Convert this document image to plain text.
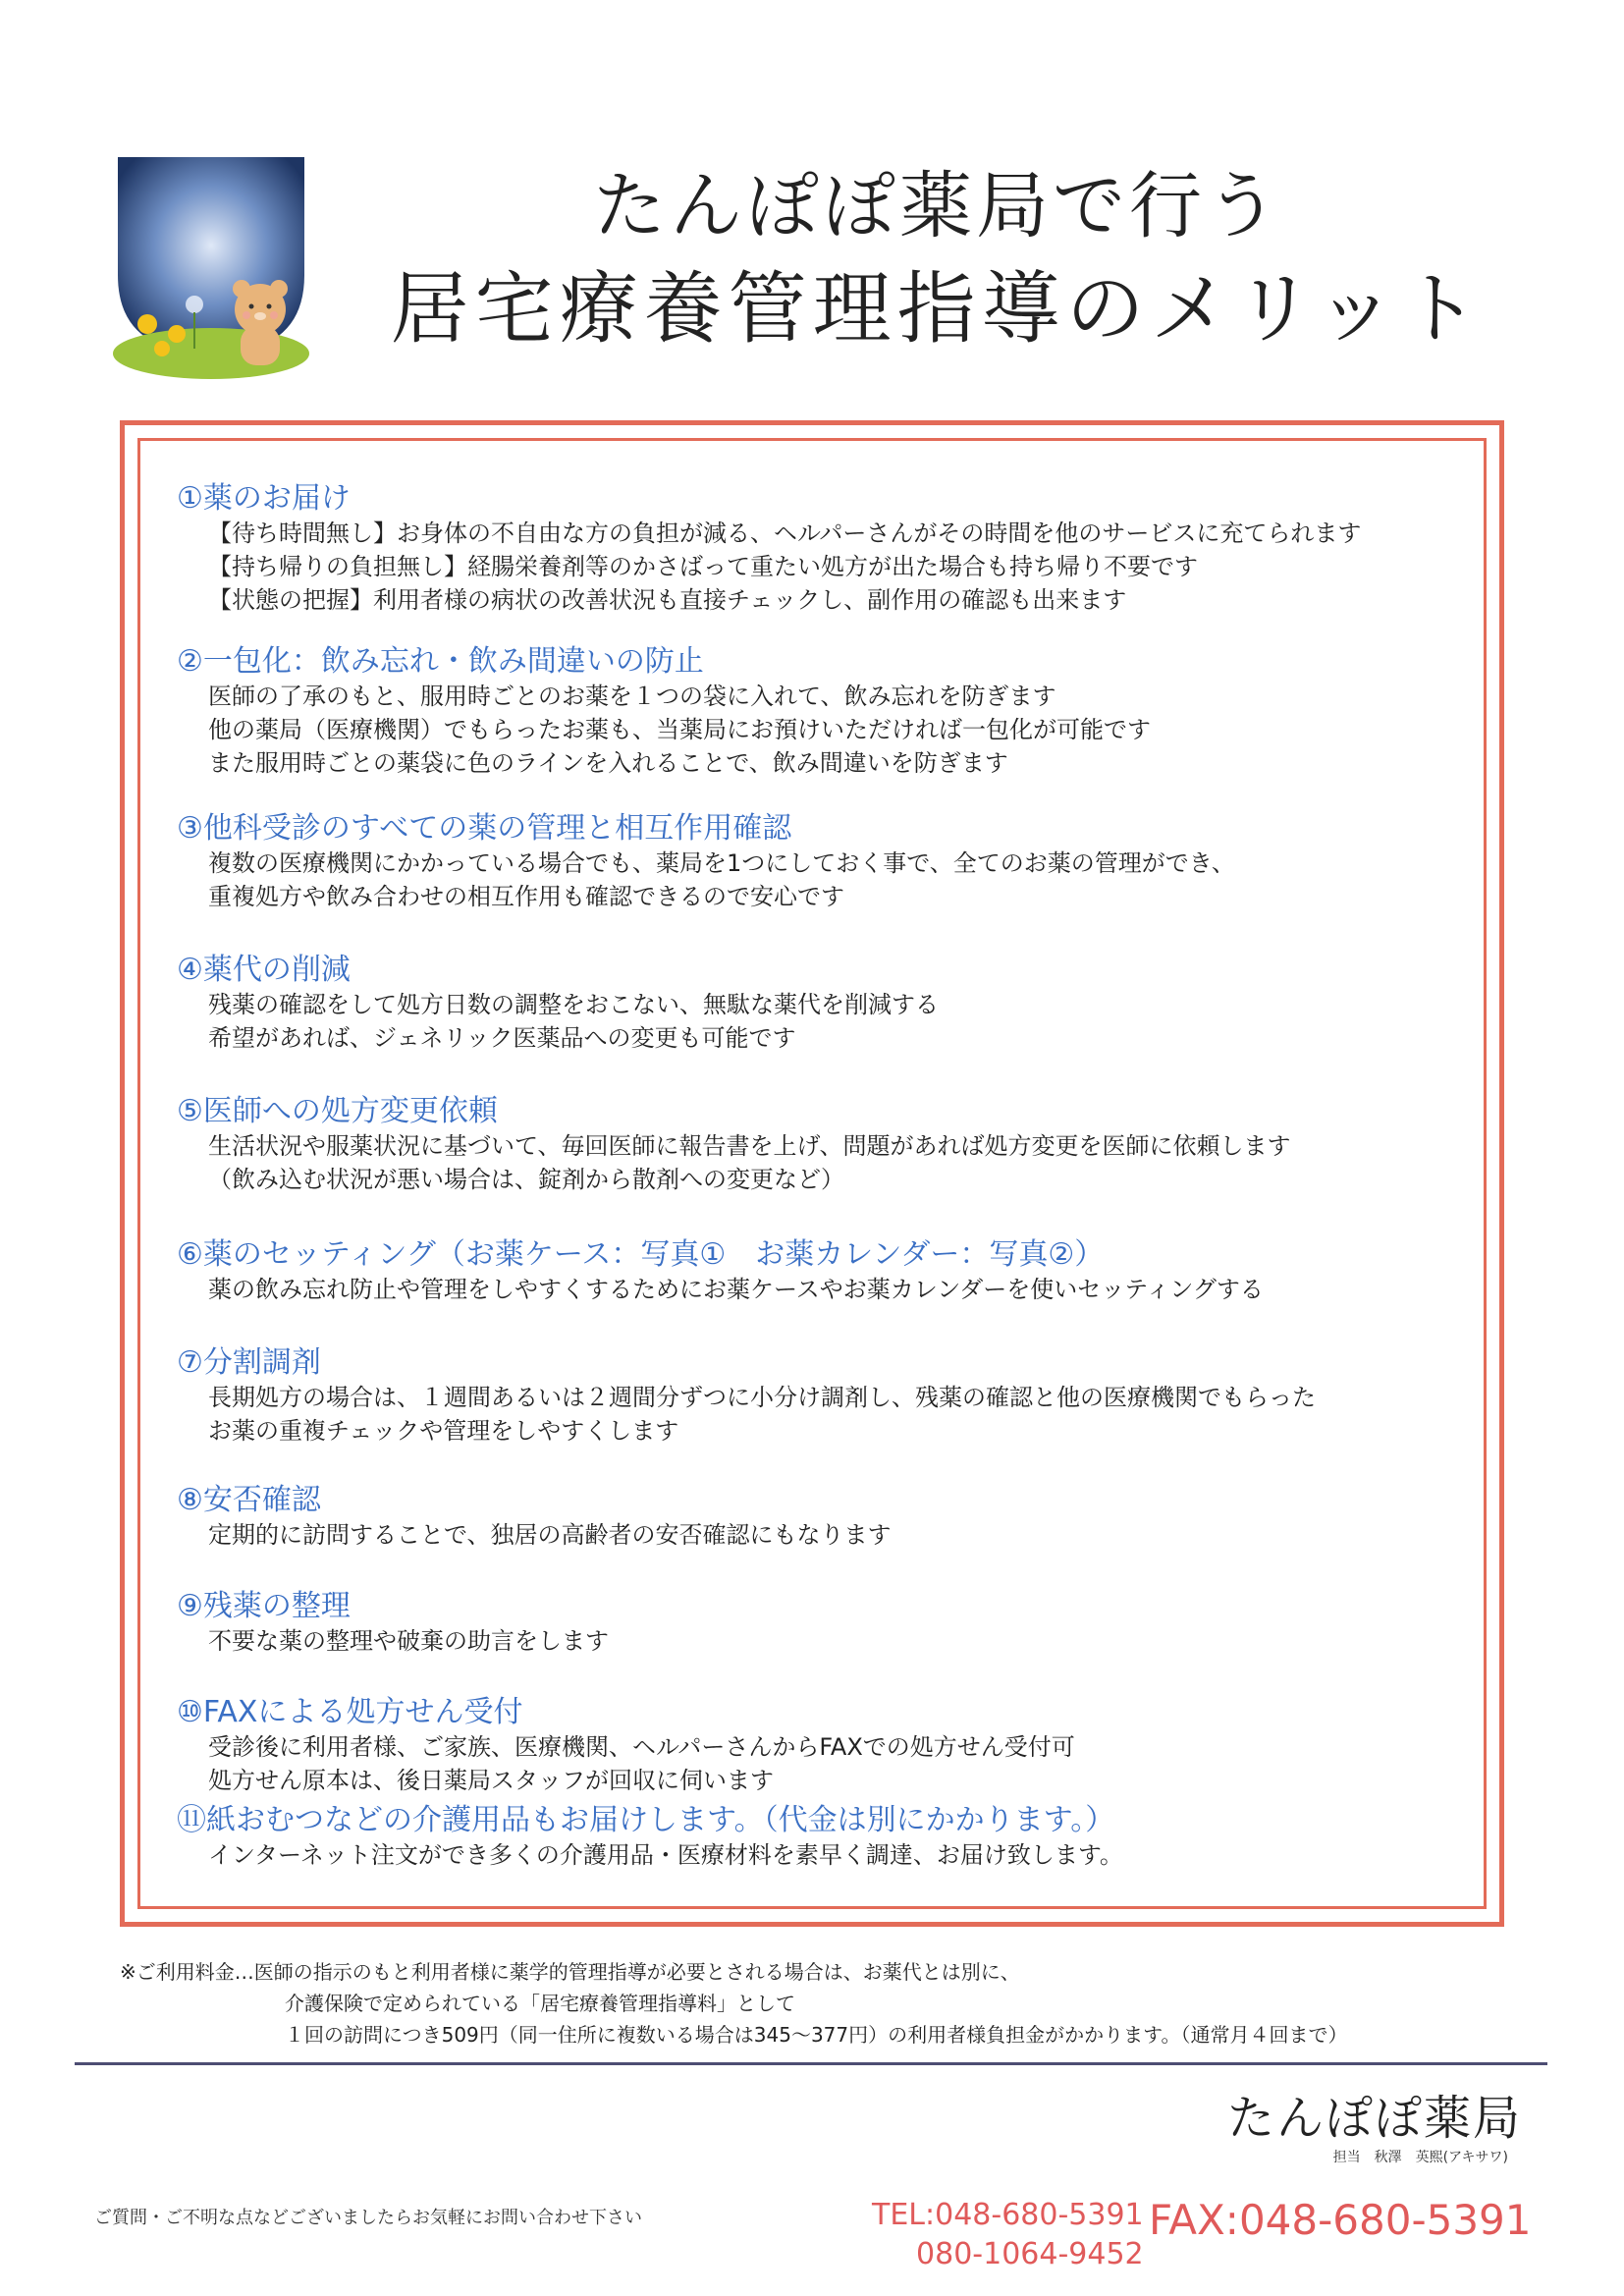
たんぽぽ薬局で行う
居宅療養管理指導のメリット
①薬のお届け
【待ち時間無し】お身体の不自由な方の負担が減る、ヘルパーさんがその時間を他のサービスに充てられます
【持ち帰りの負担無し】経腸栄養剤等のかさばって重たい処方が出た場合も持ち帰り不要です
【状態の把握】利用者様の病状の改善状況も直接チェックし、副作用の確認も出来ます
②一包化：飲み忘れ・飲み間違いの防止
医師の了承のもと、服用時ごとのお薬を１つの袋に入れて、飲み忘れを防ぎます
他の薬局（医療機関）でもらったお薬も、当薬局にお預けいただければ一包化が可能です
また服用時ごとの薬袋に色のラインを入れることで、飲み間違いを防ぎます
③他科受診のすべての薬の管理と相互作用確認
複数の医療機関にかかっている場合でも、薬局を1つにしておく事で、全てのお薬の管理ができ、
重複処方や飲み合わせの相互作用も確認できるので安心です
④薬代の削減
残薬の確認をして処方日数の調整をおこない、無駄な薬代を削減する
希望があれば、ジェネリック医薬品への変更も可能です
⑤医師への処方変更依頼
生活状況や服薬状況に基づいて、毎回医師に報告書を上げ、問題があれば処方変更を医師に依頼します
（飲み込む状況が悪い場合は、錠剤から散剤への変更など）
⑥薬のセッティング（お薬ケース：写真①　お薬カレンダー：写真②）
薬の飲み忘れ防止や管理をしやすくするためにお薬ケースやお薬カレンダーを使いセッティングする
⑦分割調剤
長期処方の場合は、１週間あるいは２週間分ずつに小分け調剤し、残薬の確認と他の医療機関でもらった
お薬の重複チェックや管理をしやすくします
⑧安否確認
定期的に訪問することで、独居の高齢者の安否確認にもなります
⑨残薬の整理
不要な薬の整理や破棄の助言をします
⑩FAXによる処方せん受付
受診後に利用者様、ご家族、医療機関、ヘルパーさんからFAXでの処方せん受付可
処方せん原本は、後日薬局スタッフが回収に伺います
⑪紙おむつなどの介護用品もお届けします。（代金は別にかかります。）
インターネット注文ができ多くの介護用品・医療材料を素早く調達、お届け致します。
※ご利用料金…医師の指示のもと利用者様に薬学的管理指導が必要とされる場合は、お薬代とは別に、
介護保険で定められている「居宅療養管理指導料」として
１回の訪問につき509円（同一住所に複数いる場合は345～377円）の利用者様負担金がかかります。（通常月４回まで）
たんぽぽ薬局
担当　秋澤　英熙(アキサワ)
ご質問・ご不明な点などございましたらお気軽にお問い合わせ下さい	TEL:048-680-5391
080-1064-9452
FAX:048-680-5391
